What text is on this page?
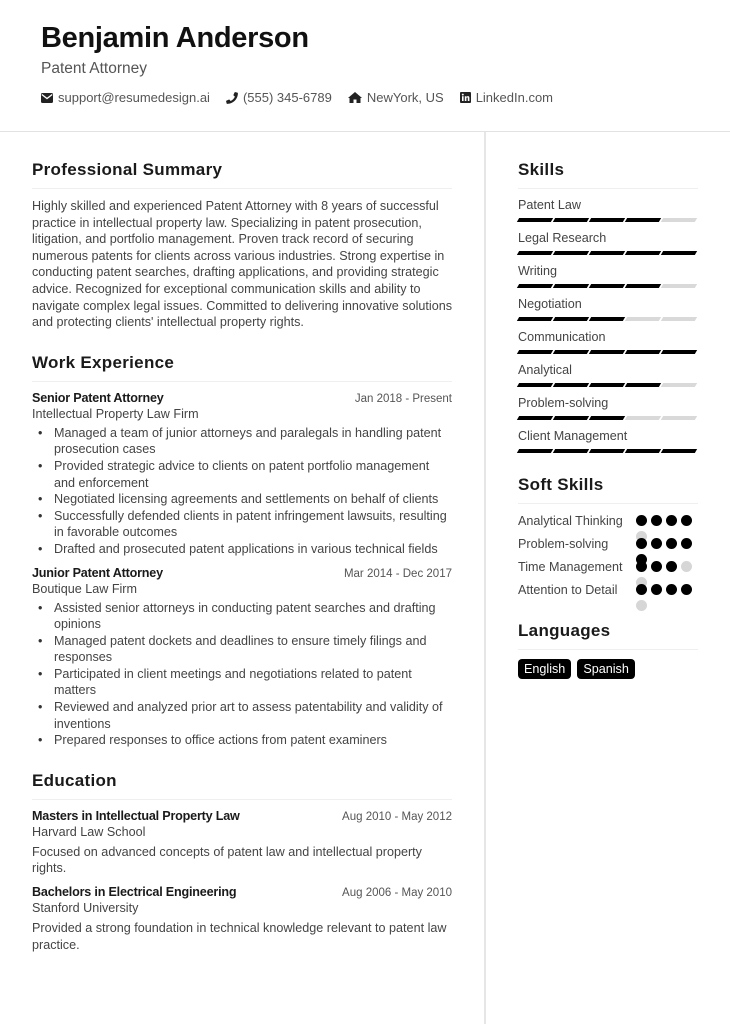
Benjamin Anderson
Patent Attorney
support@resumedesign.ai	(555) 345-6789	NewYork, US LinkedIn.com
Professional Summary

Highly skilled and experienced Patent Attorney with 8 years of successful practice in intellectual property law. Specializing in patent prosecution, litigation, and portfolio management. Proven track record of securing numerous patents for clients across various industries. Strong expertise in conducting patent searches, drafting applications, and providing strategic advice. Recognized for exceptional communication skills and ability to navigate complex legal issues. Committed to delivering innovative solutions and protecting clients' intellectual property rights.

Work Experience
Senior Patent Attorney	Jan 2018 - Present
Intellectual Property Law Firm
• Managed a team of junior attorneys and paralegals in handling patent prosecution cases
• Provided strategic advice to clients on patent portfolio management and enforcement
• Negotiated licensing agreements and settlements on behalf of clients
• Successfully defended clients in patent infringement lawsuits, resulting in favorable outcomes
• Drafted and prosecuted patent applications in various technical fields
Junior Patent Attorney	Mar 2014 - Dec 2017
Boutique Law Firm
• Assisted senior attorneys in conducting patent searches and drafting opinions
• Managed patent dockets and deadlines to ensure timely filings and responses
• Participated in client meetings and negotiations related to patent matters
• Reviewed and analyzed prior art to assess patentability and validity of inventions
• Prepared responses to office actions from patent examiners
Education
Masters in Intellectual Property Law	Aug 2010 - May 2012
Harvard Law School

Focused on advanced concepts of patent law and intellectual property rights.

Bachelors in Electrical Engineering	Aug 2006 - May 2010
Stanford University

Provided a strong foundation in technical knowledge relevant to patent law practice.

Skills
Patent Law
Legal Research
Writing
Negotiation
Communication
Analytical
Problem-solving
Client Management
Soft Skills
Analytical Thinking
Problem-solving
Time Management
Attention to Detail
Languages
English	Spanish
